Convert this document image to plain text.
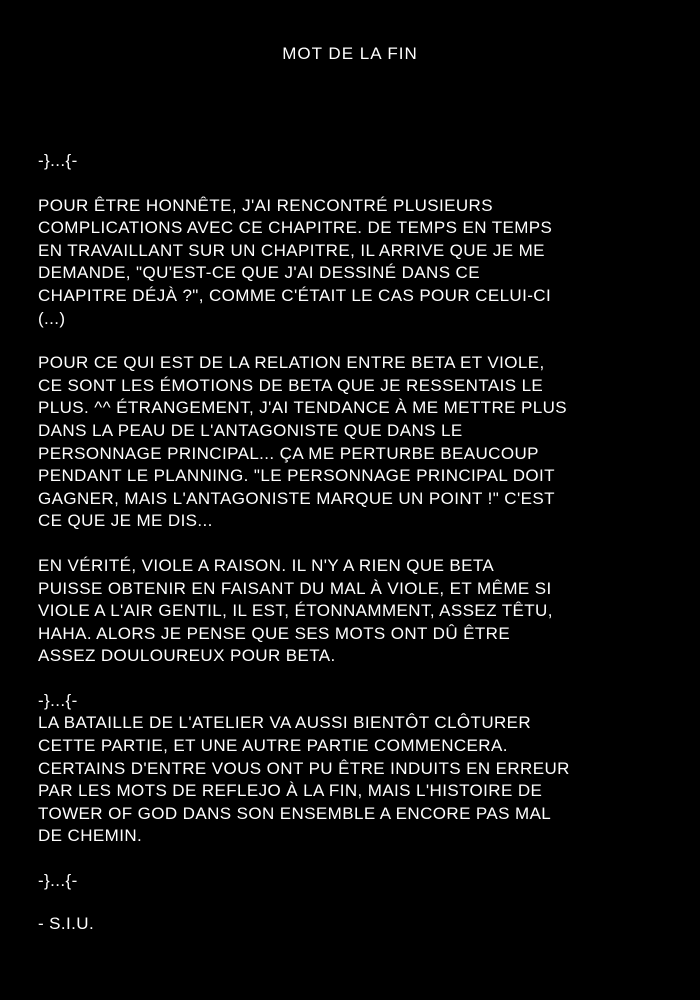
MOT DE LA FIN
-}...{-
POUR ÊTRE HONNÊTE, J'AI RENCONTRÉ PLUSIEURS
COMPLICATIONS AVEC CE CHAPITRE. DE TEMPS EN TEMPS
EN TRAVAILLANT SUR UN CHAPITRE, IL ARRIVE QUE JE ME
DEMANDE, "QU'EST-CE QUE J'AI DESSINÉ DANS CE
CHAPITRE DÉJÀ ?", COMME C'ÉTAIT LE CAS POUR CELUI-CI
(...)
POUR CE QUI EST DE LA RELATION ENTRE BETA ET VIOLE,
CE SONT LES ÉMOTIONS DE BETA QUE JE RESSENTAIS LE
PLUS. ^^ ÉTRANGEMENT, J'AI TENDANCE À ME METTRE PLUS
DANS LA PEAU DE L'ANTAGONISTE QUE DANS LE
PERSONNAGE PRINCIPAL... ÇA ME PERTURBE BEAUCOUP
PENDANT LE PLANNING. "LE PERSONNAGE PRINCIPAL DOIT
GAGNER, MAIS L'ANTAGONISTE MARQUE UN POINT !" C'EST
CE QUE JE ME DIS...
EN VÉRITÉ, VIOLE A RAISON. IL N'Y A RIEN QUE BETA
PUISSE OBTENIR EN FAISANT DU MAL À VIOLE, ET MÊME SI
VIOLE A L'AIR GENTIL, IL EST, ÉTONNAMMENT, ASSEZ TÊTU,
HAHA. ALORS JE PENSE QUE SES MOTS ONT DÛ ÊTRE
ASSEZ DOULOUREUX POUR BETA.
-}...{-
LA BATAILLE DE L'ATELIER VA AUSSI BIENTÔT CLÔTURER
CETTE PARTIE, ET UNE AUTRE PARTIE COMMENCERA.
CERTAINS D'ENTRE VOUS ONT PU ÊTRE INDUITS EN ERREUR
PAR LES MOTS DE REFLEJO À LA FIN, MAIS L'HISTOIRE DE
TOWER OF GOD DANS SON ENSEMBLE A ENCORE PAS MAL
DE CHEMIN.
-}...{-
- S.I.U.
